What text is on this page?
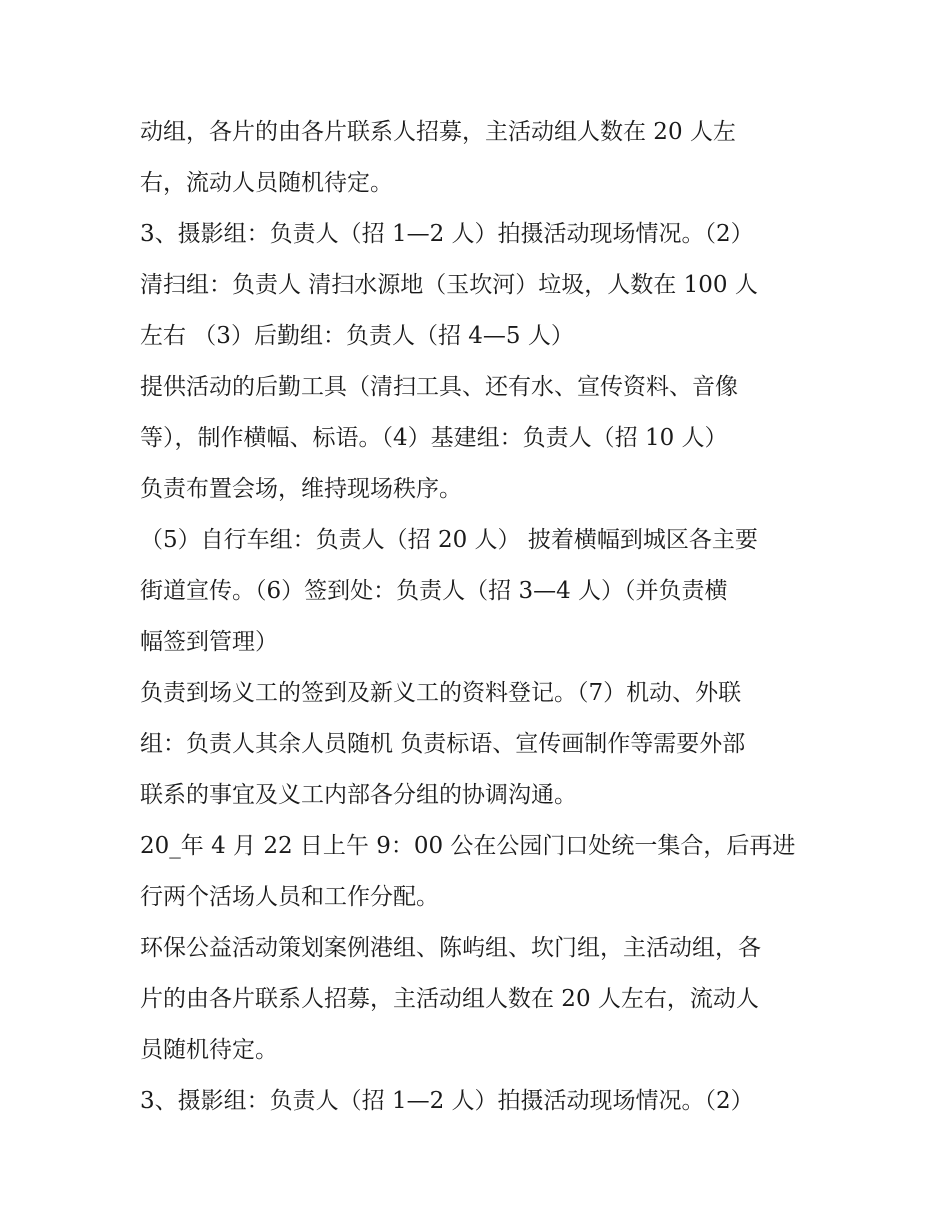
动组，各片的由各片联系人招募，主活动组人数在 20 人左
右，流动人员随机待定。
3、摄影组：负责人（招 1—2 人）拍摄活动现场情况。（2）
清扫组：负责人 清扫水源地（玉坎河）垃圾，人数在 100 人
左右 （3）后勤组：负责人（招 4—5 人）
提供活动的后勤工具（清扫工具、还有水、宣传资料、音像
等），制作横幅、标语。（4）基建组：负责人（招 10 人）
负责布置会场，维持现场秩序。
（5）自行车组：负责人（招 20 人） 披着横幅到城区各主要
街道宣传。（6）签到处：负责人（招 3—4 人）（并负责横
幅签到管理）
负责到场义工的签到及新义工的资料登记。（7）机动、外联
组：负责人其余人员随机 负责标语、宣传画制作等需要外部
联系的事宜及义工内部各分组的协调沟通。
20_年 4 月 22 日上午 9：00 公在公园门口处统一集合，后再进
行两个活场人员和工作分配。
环保公益活动策划案例港组、陈屿组、坎门组，主活动组，各
片的由各片联系人招募，主活动组人数在 20 人左右，流动人
员随机待定。
3、摄影组：负责人（招 1—2 人）拍摄活动现场情况。（2）
